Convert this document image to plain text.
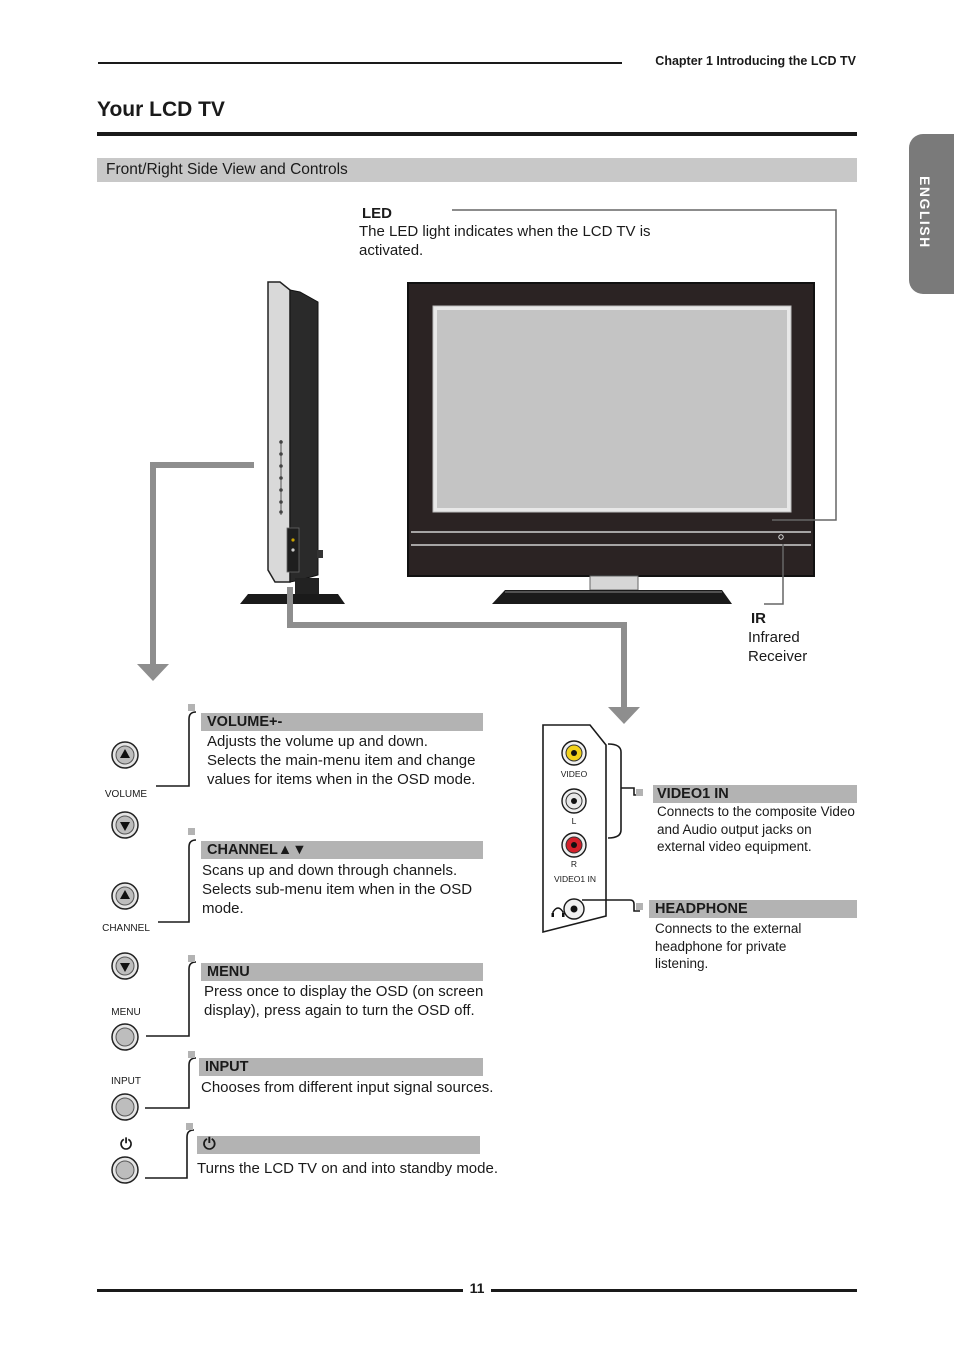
Chapter 1 Introducing the LCD TV
Your LCD TV
Front/Right Side View and Controls
ENGLISH
LED
The LED light indicates when the LCD TV is activated.
IR
Infrared
Receiver
VOLUME
CHANNEL
MENU
INPUT
⏻
VOLUME+-
Adjusts the volume up and down. Selects the main-menu item and change values for items when in the OSD mode.
CHANNEL▲▼
Scans up and down through channels. Selects sub-menu item when in the OSD mode.
MENU
Press once to display the OSD (on screen display), press again to turn the OSD off.
INPUT
Chooses from different input signal sources.
⏻
Turns the LCD TV on and into standby mode.
VIDEO
L
R
VIDEO1 IN
VIDEO1 IN
Connects to the composite Video and Audio output jacks on external video equipment.
HEADPHONE
Connects to the external headphone for private listening.
11
